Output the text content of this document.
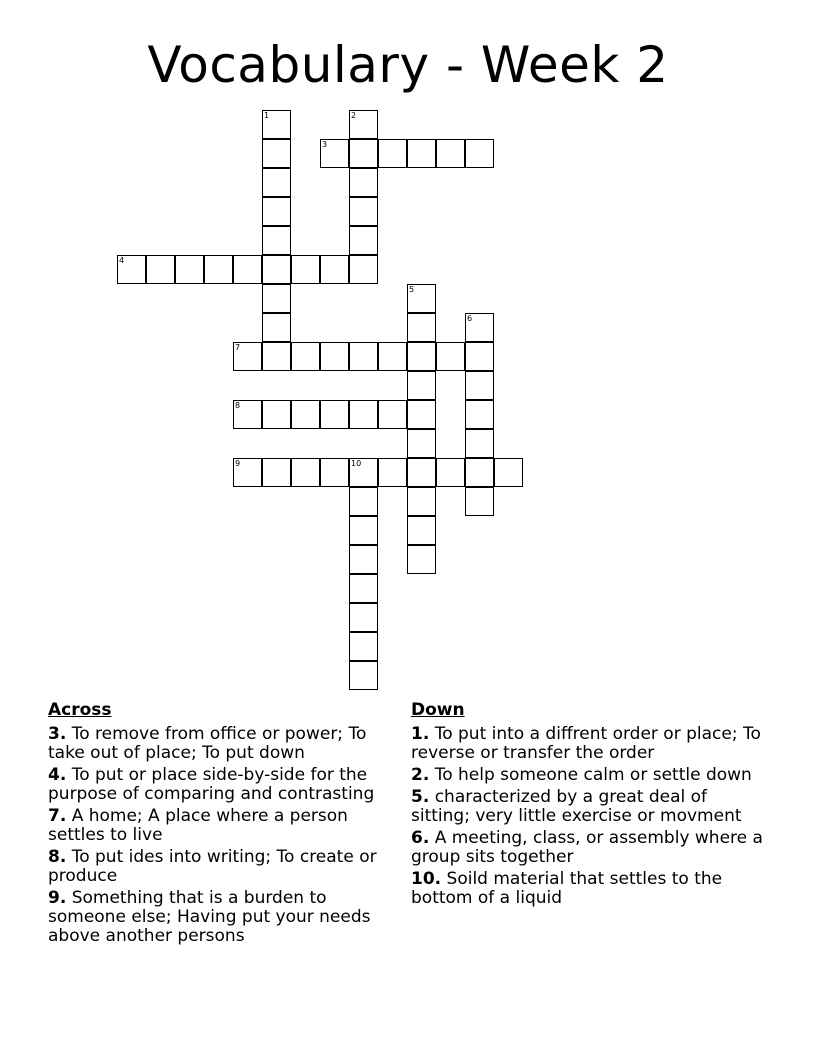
Vocabulary - Week 2
1	2
3
4
5
6
7
8
9	10
Across
3. To remove from office or power; To take out of place; To put down
4. To put or place side-by-side for the purpose of comparing and contrasting
7. A home; A place where a person settles to live
8. To put ides into writing; To create or produce
9. Something that is a burden to someone else; Having put your needs above another persons
Down
1. To put into a diffrent order or place; To reverse or transfer the order
2. To help someone calm or settle down
5. characterized by a great deal of sitting; very little exercise or movment
6. A meeting, class, or assembly where a group sits together
10. Soild material that settles to the bottom of a liquid
